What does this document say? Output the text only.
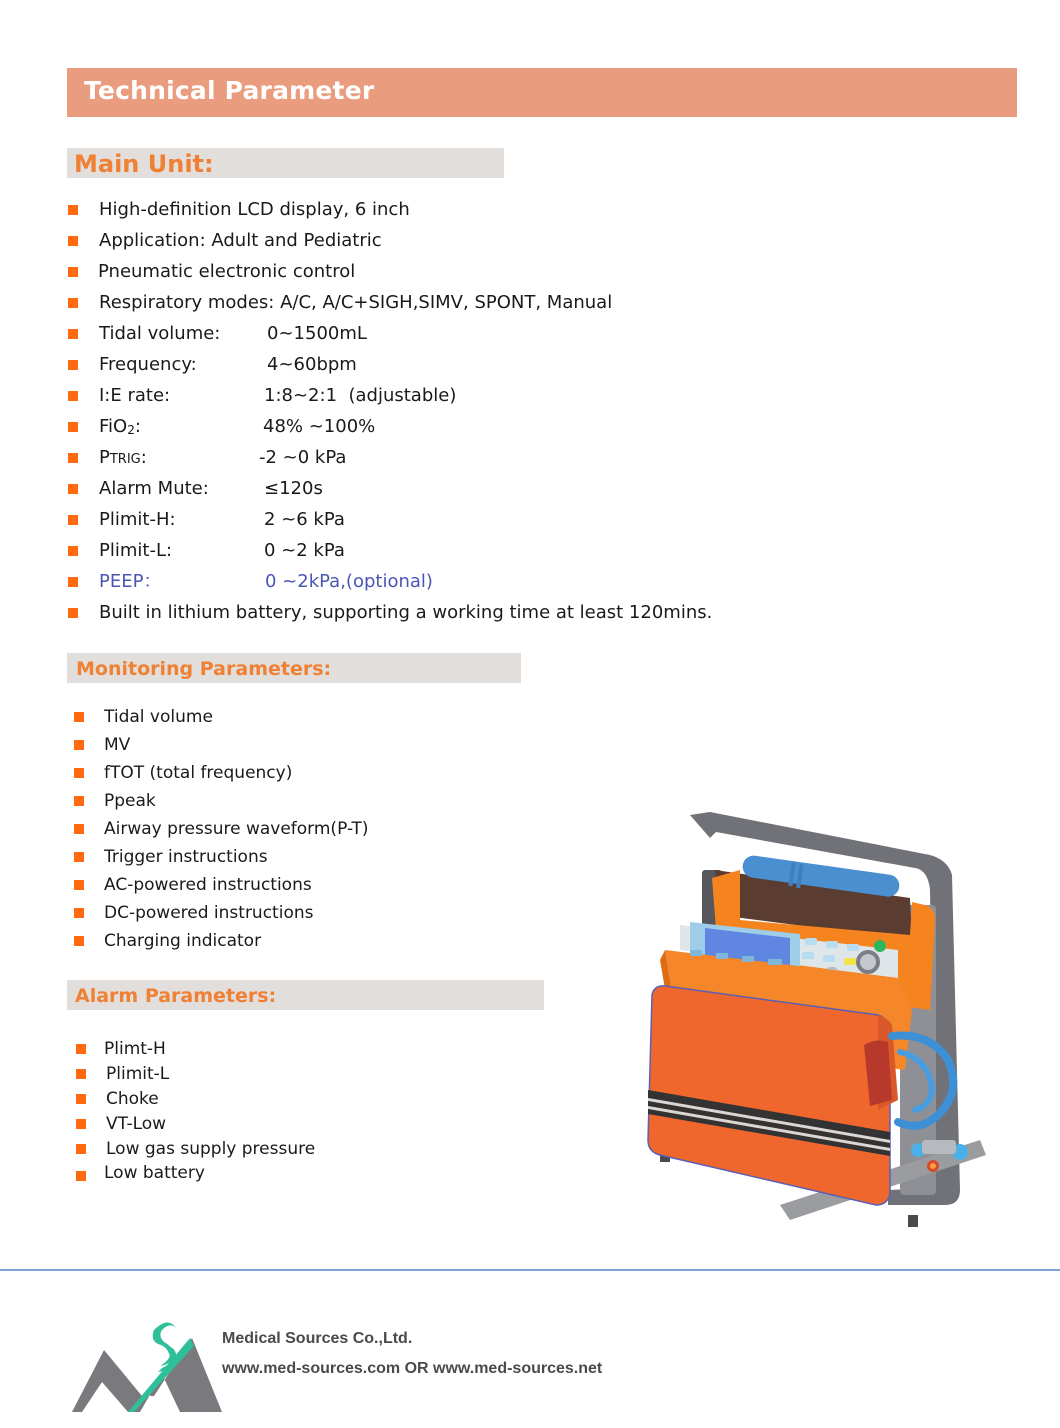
Technical Parameter
Main Unit:
High-definition LCD display, 6 inch
Application: Adult and Pediatric
Pneumatic electronic control
Respiratory modes: A/C, A/C+SIGH,SIMV, SPONT, Manual
Tidal volume:	0~1500mL
Frequency:	4~60bpm
I:E rate:	1:8~2:1  (adjustable)
FiO2:	48% ~100%
PTRIG:	-2 ~0 kPa
Alarm Mute:	≤120s
Plimit-H:	2 ~6 kPa
Plimit-L:	0 ~2 kPa
PEEP：	0 ~2kPa,(optional)
Built in lithium battery, supporting a working time at least 120mins.
Monitoring Parameters:
Tidal volume
MV
fTOT (total frequency)
Ppeak
Airway pressure waveform(P-T)
Trigger instructions
AC-powered instructions
DC-powered instructions
Charging indicator
Alarm Parameters:
Plimt-H
Plimit-L
Choke
VT-Low
Low gas supply pressure
Low battery
Medical Sources Co.,Ltd.
www.med-sources.com OR www.med-sources.net
